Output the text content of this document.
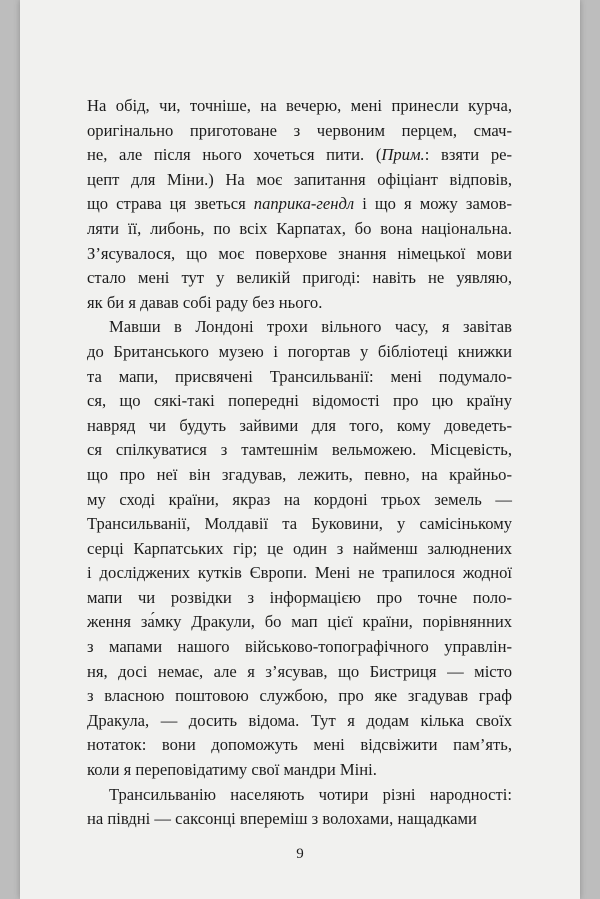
На обід, чи, точніше, на вечерю, мені принесли курча,
оригінально приготоване з червоним перцем, смач-
не, але після нього хочеться пити. (Прим.: взяти ре-
цепт для Міни.) На моє запитання офіціант відповів,
що страва ця зветься паприка-гендл і що я можу замов-
ляти її, либонь, по всіх Карпатах, бо вона національна.
З’ясувалося, що моє поверхове знання німецької мови
стало мені тут у великій пригоді: навіть не уявляю,
як би я давав собі раду без нього.
Мавши в Лондоні трохи вільного часу, я завітав
до Британського музею і погортав у бібліотеці книжки
та мапи, присвячені Трансильванії: мені подумало-
ся, що сякі-такі попередні відомості про цю країну
навряд чи будуть зайвими для того, кому доведеть-
ся спілкуватися з тамтешнім вельможею. Місцевість,
що про неї він згадував, лежить, певно, на крайньо-
му сході країни, якраз на кордоні трьох земель —
Трансильванії, Молдавії та Буковини, у самісінькому
серці Карпатських гір; це один з найменш залюднених
і досліджених кутків Європи. Мені не трапилося жодної
мапи чи розвідки з інформацією про точне поло-
ження за́мку Дракули, бо мап цієї країни, порівнянних
з мапами нашого військово-топографічного управлін-
ня, досі немає, але я з’ясував, що Бистриця — місто
з власною поштовою службою, про яке згадував граф
Дракула, — досить відома. Тут я додам кілька своїх
нотаток: вони допоможуть мені відсвіжити пам’ять,
коли я переповідатиму свої мандри Міні.
Трансильванію населяють чотири різні народності:
на півдні — саксонці впереміш з волохами, нащадками
9
